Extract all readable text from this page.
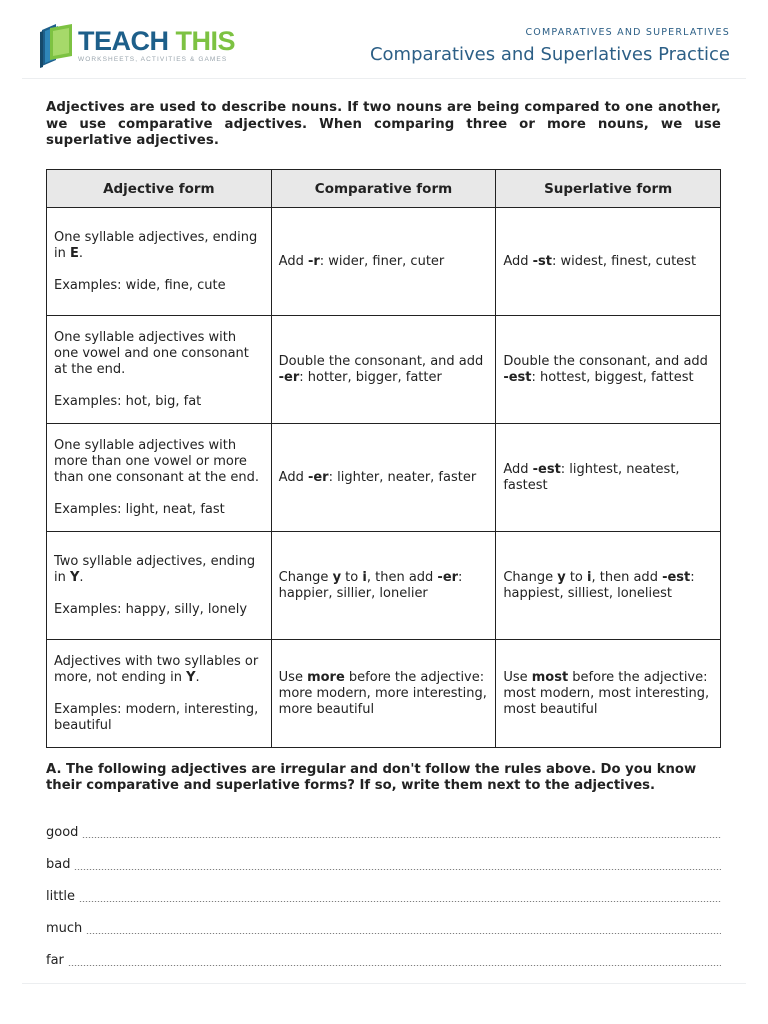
TEACH THIS
WORKSHEETS, ACTIVITIES & GAMES
COMPARATIVES AND SUPERLATIVES
Comparatives and Superlatives Practice
Adjectives are used to describe nouns. If two nouns are being compared to one another, we use comparative adjectives. When comparing three or more nouns, we use superlative adjectives.
Adjective form	Comparative form	Superlative form

One syllable adjectives, ending in E.
Examples: wide, fine, cute	Add -r: wider, finer, cuter	Add -st: widest, finest, cutest

One syllable adjectives with one vowel and one consonant at the end.
Examples: hot, big, fat	Double the consonant, and add -er: hotter, bigger, fatter	Double the consonant, and add -est: hottest, biggest, fattest

One syllable adjectives with more than one vowel or more than one consonant at the end.
Examples: light, neat, fast	Add -er: lighter, neater, faster	Add -est: lightest, neatest, fastest

Two syllable adjectives, ending in Y.
Examples: happy, silly, lonely	Change y to i, then add -er: happier, sillier, lonelier	Change y to i, then add -est: happiest, silliest, loneliest

Adjectives with two syllables or more, not ending in Y.
Examples: modern, interesting, beautiful	Use more before the adjective: more modern, more interesting, more beautiful	Use most before the adjective: most modern, most interesting, most beautiful
A. The following adjectives are irregular and don't follow the rules above. Do you know their comparative and superlative forms? If so, write them next to the adjectives.
good
bad
little
much
far
